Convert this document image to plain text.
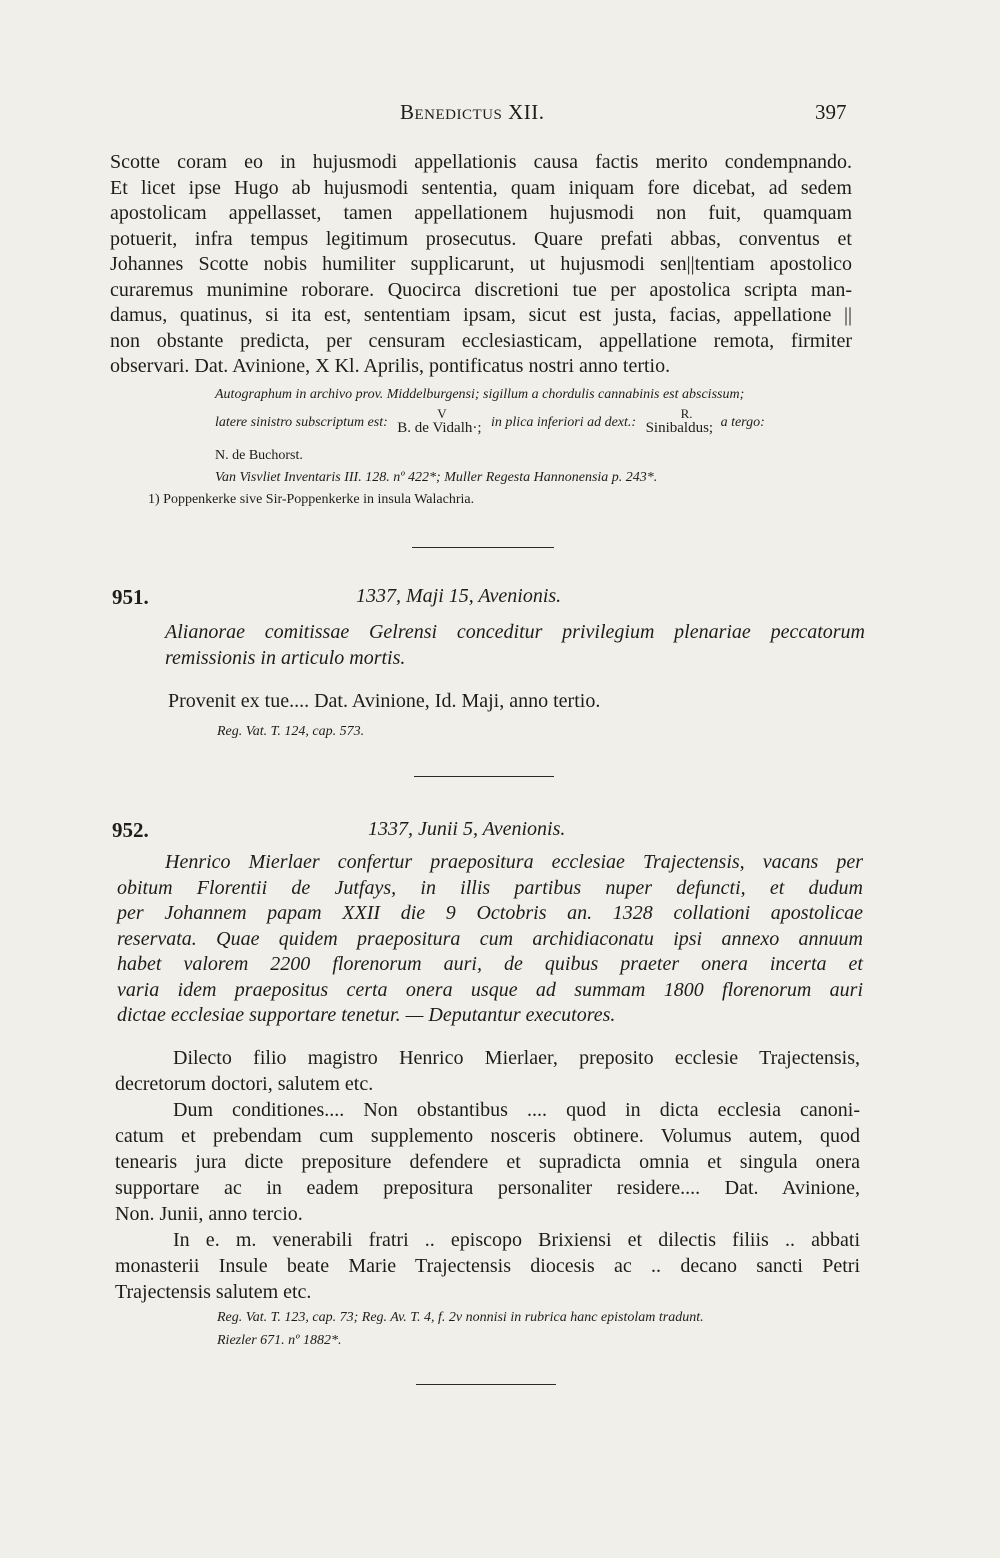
Benedictus XII.	397
Scotte coram eo in hujusmodi appellationis causa factis merito condempnando.
Et licet ipse Hugo ab hujusmodi sententia, quam iniquam fore dicebat, ad sedem
apostolicam appellasset, tamen appellationem hujusmodi non fuit, quamquam
potuerit, infra tempus legitimum prosecutus. Quare prefati abbas, conventus et
Johannes Scotte nobis humiliter supplicarunt, ut hujusmodi sen||tentiam apostolico
curaremus munimine roborare. Quocirca discretioni tue per apostolica scripta man-
damus, quatinus, si ita est, sententiam ipsam, sicut est justa, facias, appellatione ||
non obstante predicta, per censuram ecclesiasticam, appellatione remota, firmiter
observari. Dat. Avinione, X Kl. Aprilis, pontificatus nostri anno tertio.
Autographum in archivo prov. Middelburgensi; sigillum a chordulis cannabinis est abscissum;
latere sinistro subscriptum est:
V
B. de Vidalh·; in plica inferiori ad dext.:
R.
Sinibaldus; a tergo:
N. de Buchorst.
Van Visvliet Inventaris III. 128. nº 422*; Muller Regesta Hannonensia p. 243*.
1) Poppenkerke sive Sir-Poppenkerke in insula Walachria.
951.	1337, Maji 15, Avenionis.
Alianorae comitissae Gelrensi conceditur privilegium plenariae peccatorum
remissionis in articulo mortis.
Provenit ex tue.... Dat. Avinione, Id. Maji, anno tertio.
Reg. Vat. T. 124, cap. 573.
952.	1337, Junii 5, Avenionis.
Henrico Mierlaer confertur praepositura ecclesiae Trajectensis, vacans per
obitum Florentii de Jutfays, in illis partibus nuper defuncti, et dudum
per Johannem papam XXII die 9 Octobris an. 1328 collationi apostolicae
reservata. Quae quidem praepositura cum archidiaconatu ipsi annexo annuum
habet valorem 2200 florenorum auri, de quibus praeter onera incerta et
varia idem praepositus certa onera usque ad summam 1800 florenorum auri
dictae ecclesiae supportare tenetur. — Deputantur executores.
Dilecto filio magistro Henrico Mierlaer, preposito ecclesie Trajectensis,
decretorum doctori, salutem etc.
Dum conditiones.... Non obstantibus .... quod in dicta ecclesia canoni-
catum et prebendam cum supplemento nosceris obtinere. Volumus autem, quod
tenearis jura dicte prepositure defendere et supradicta omnia et singula onera
supportare ac in eadem prepositura personaliter residere.... Dat. Avinione,
Non. Junii, anno tercio.
In e. m. venerabili fratri .. episcopo Brixiensi et dilectis filiis .. abbati
monasterii Insule beate Marie Trajectensis diocesis ac .. decano sancti Petri
Trajectensis salutem etc.
Reg. Vat. T. 123, cap. 73; Reg. Av. T. 4, f. 2v nonnisi in rubrica hanc epistolam tradunt.
Riezler 671. nº 1882*.
